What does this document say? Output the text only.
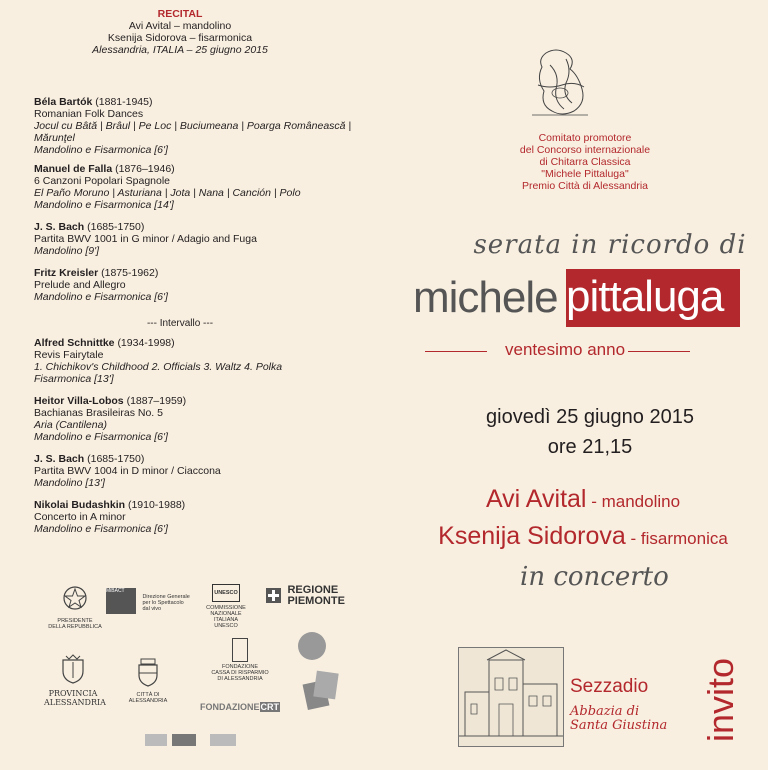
RECITAL
Avi Avital – mandolino
Ksenija Sidorova – fisarmonica
Alessandria, ITALIA – 25 giugno 2015
Béla Bartók (1881-1945)
Romanian Folk Dances
Jocul cu Bâtă | Brâul | Pe Loc | Buciumeana | Poarga Românească |
Mărunţel
Mandolino e Fisarmonica [6']
Manuel de Falla (1876–1946)
6 Canzoni Popolari Spagnole
El Paño Moruno | Asturiana | Jota | Nana | Canción | Polo
Mandolino e Fisarmonica [14']
J. S. Bach (1685-1750)
Partita BWV 1001 in G minor / Adagio and Fuga
Mandolino [9']
Fritz Kreisler (1875-1962)
Prelude and Allegro
Mandolino e Fisarmonica [6']
--- Intervallo ---
Alfred Schnittke (1934-1998)
Revis Fairytale
1. Chichikov's Childhood 2. Officials 3. Waltz 4. Polka
Fisarmonica [13']
Heitor Villa-Lobos (1887–1959)
Bachianas Brasileiras No. 5
Aria (Cantilena)
Mandolino e Fisarmonica [6']
J. S. Bach (1685-1750)
Partita BWV 1004 in D minor / Ciaccona
Mandolino [13']
Nikolai Budashkin (1910-1988)
Concerto in A minor
Mandolino e Fisarmonica [6']
PRESIDENTE
DELLA REPUBBLICA
MiBACT
Direzione Generale
per lo Spettacolo
dal vivo
UNESCO
COMMISSIONE
NAZIONALE ITALIANA
UNESCO

REGIONE
PIEMONTE
PROVINCIA
ALESSANDRIA
CITTÀ DI
ALESSANDRIA
FONDAZIONE
CASSA DI RISPARMIO
DI ALESSANDRIA
FONDAZIONECRT
Comitato promotore
del Concorso internazionale
di Chitarra Classica
"Michele Pittaluga"
Premio Città di Alessandria
serata in ricordo di
michele pittaluga
ventesimo anno
giovedì 25 giugno 2015
ore 21,15
Avi Avital - mandolino
Ksenija Sidorova - fisarmonica
in concerto
Sezzadio
Abbazia di
Santa Giustina invito
